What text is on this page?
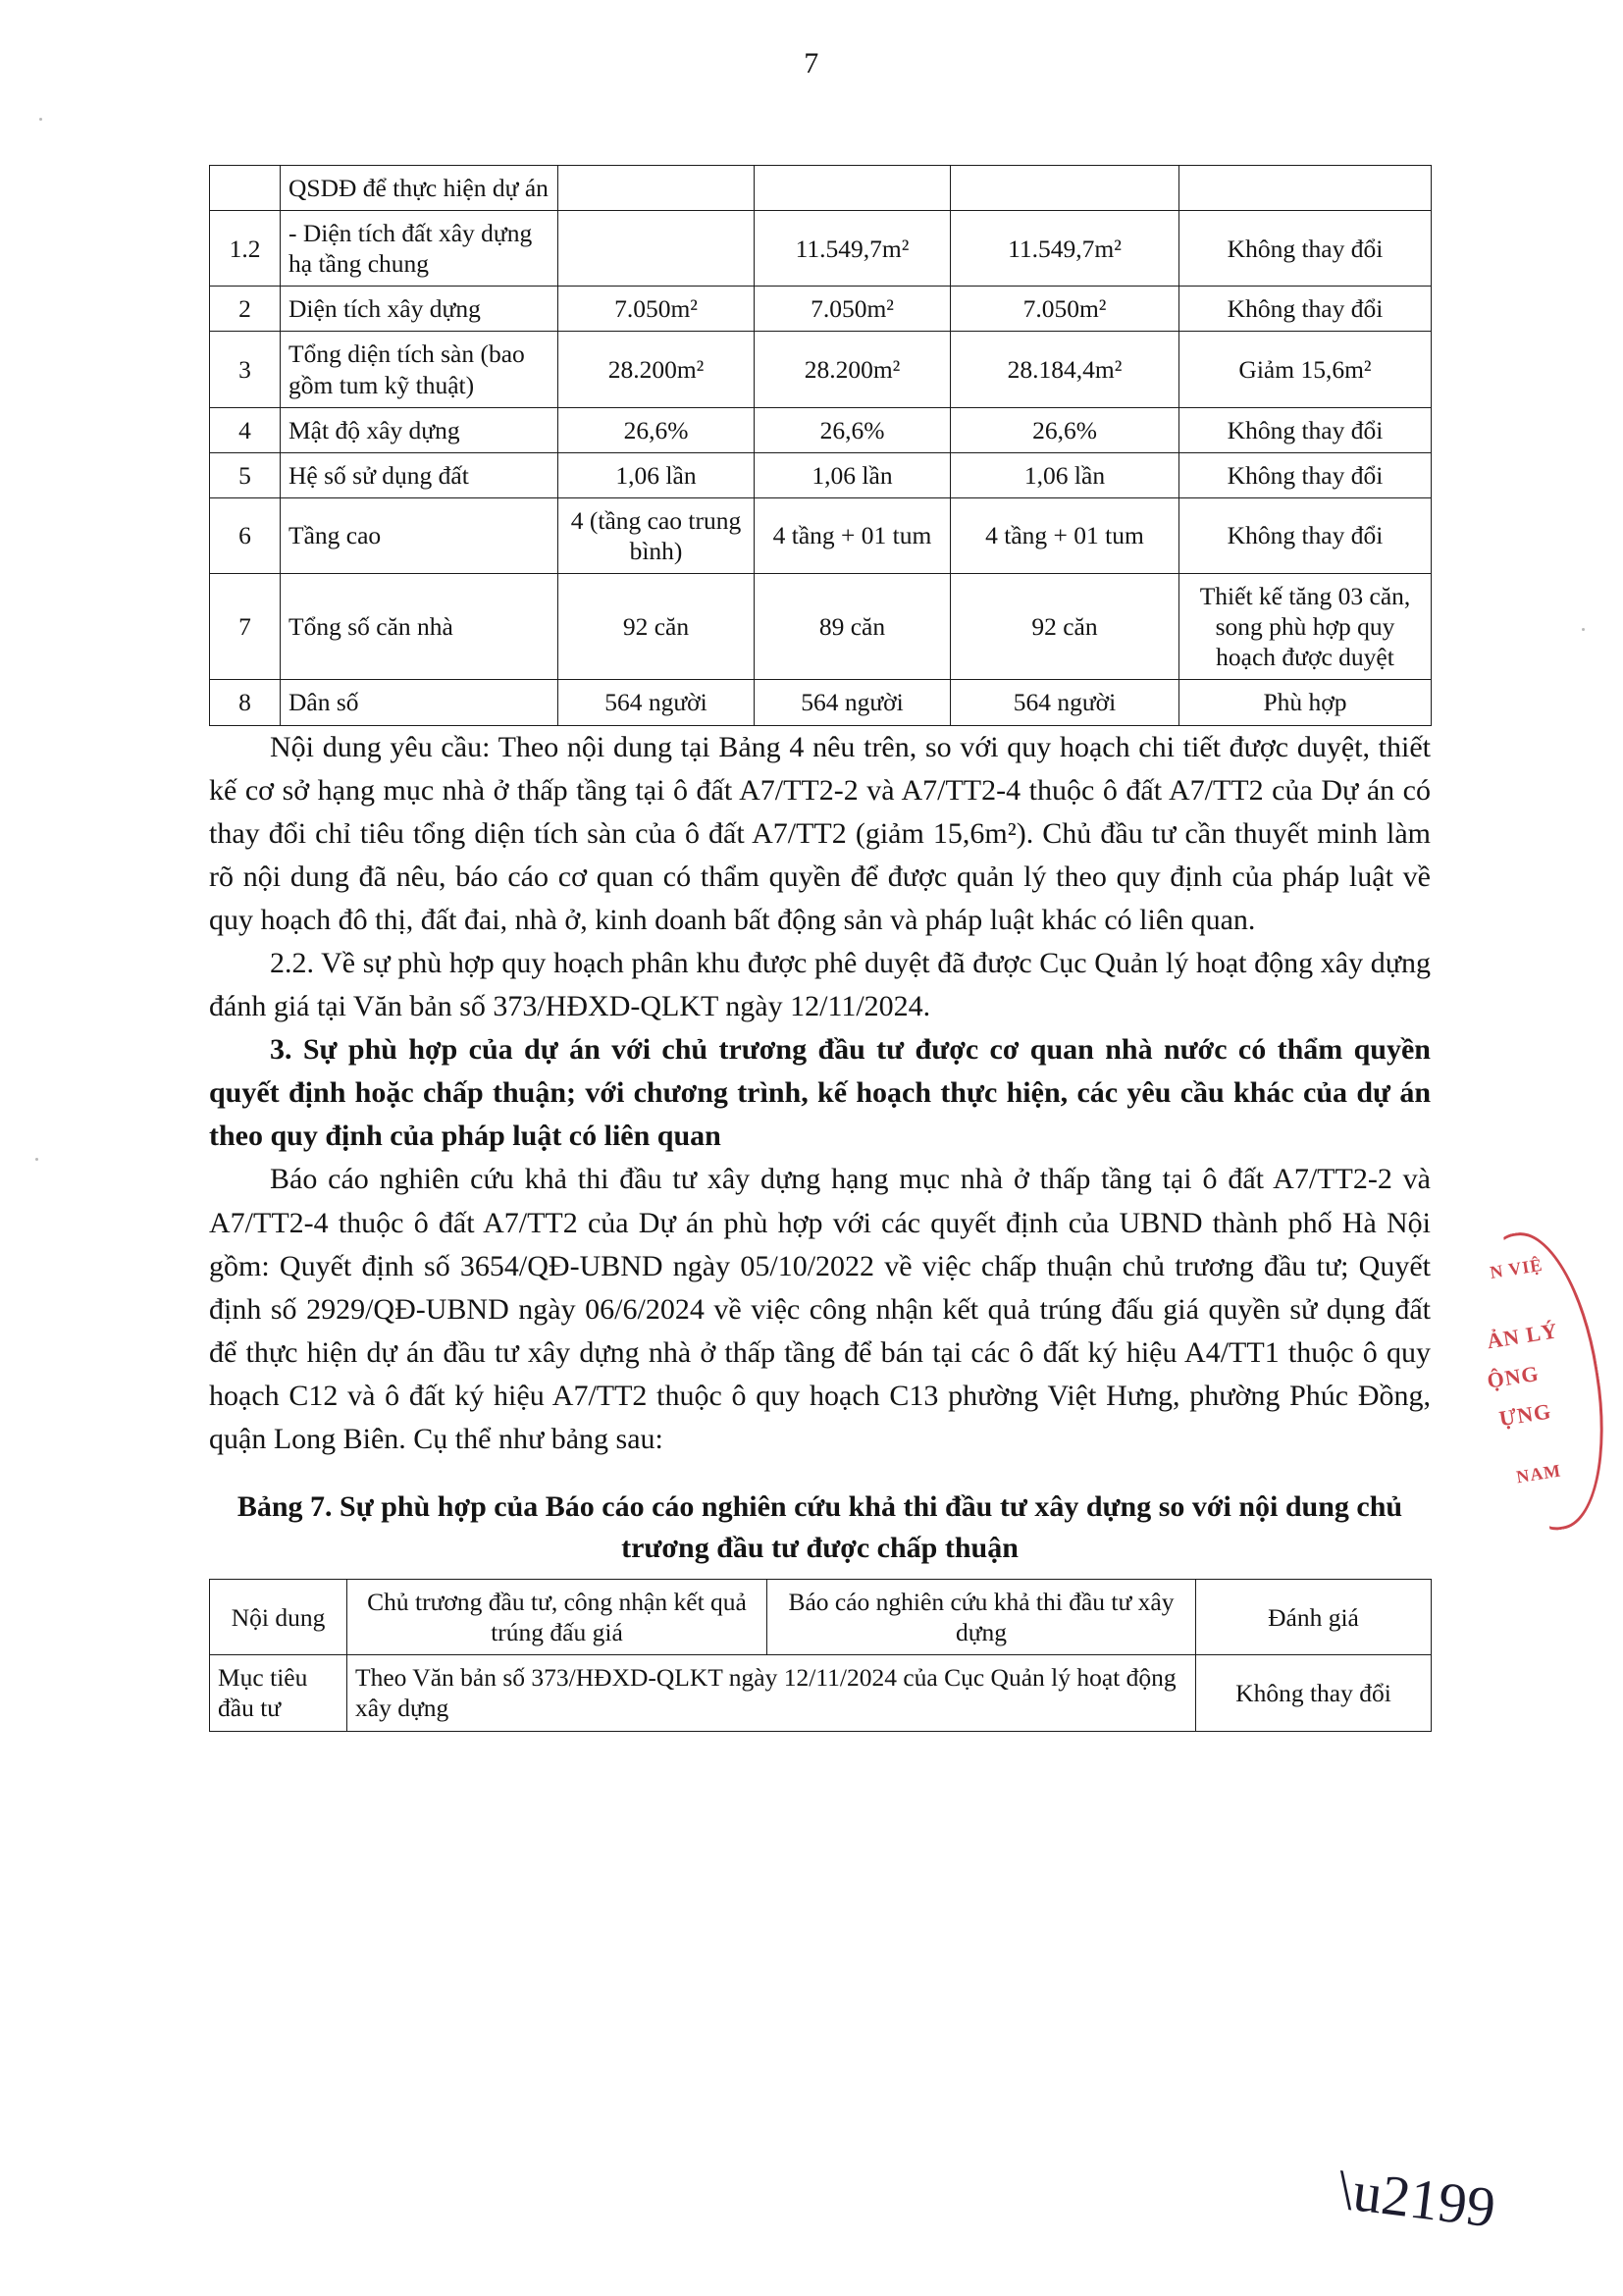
7
	QSDĐ để thực hiện dự án				
1.2	- Diện tích đất xây dựng hạ tầng chung		11.549,7m²	11.549,7m²	Không thay đổi
2	Diện tích xây dựng	7.050m²	7.050m²	7.050m²	Không thay đổi
3	Tổng diện tích sàn (bao gồm tum kỹ thuật)	28.200m²	28.200m²	28.184,4m²	Giảm 15,6m²
4	Mật độ xây dựng	26,6%	26,6%	26,6%	Không thay đổi
5	Hệ số sử dụng đất	1,06 lần	1,06 lần	1,06 lần	Không thay đổi
6	Tầng cao	4 (tầng cao trung bình)	4 tầng + 01 tum	4 tầng + 01 tum	Không thay đổi
7	Tổng số căn nhà	92 căn	89 căn	92 căn	Thiết kế tăng 03 căn, song phù hợp quy hoạch được duyệt
8	Dân số	564 người	564 người	564 người	Phù hợp

Nội dung yêu cầu: Theo nội dung tại Bảng 4 nêu trên, so với quy hoạch chi tiết được duyệt, thiết kế cơ sở hạng mục nhà ở thấp tầng tại ô đất A7/TT2-2 và A7/TT2-4 thuộc ô đất A7/TT2 của Dự án có thay đổi chỉ tiêu tổng diện tích sàn của ô đất A7/TT2 (giảm 15,6m²). Chủ đầu tư cần thuyết minh làm rõ nội dung đã nêu, báo cáo cơ quan có thẩm quyền để được quản lý theo quy định của pháp luật về quy hoạch đô thị, đất đai, nhà ở, kinh doanh bất động sản và pháp luật khác có liên quan.

2.2. Về sự phù hợp quy hoạch phân khu được phê duyệt đã được Cục Quản lý hoạt động xây dựng đánh giá tại Văn bản số 373/HĐXD-QLKT ngày 12/11/2024.

3. Sự phù hợp của dự án với chủ trương đầu tư được cơ quan nhà nước có thẩm quyền quyết định hoặc chấp thuận; với chương trình, kế hoạch thực hiện, các yêu cầu khác của dự án theo quy định của pháp luật có liên quan

Báo cáo nghiên cứu khả thi đầu tư xây dựng hạng mục nhà ở thấp tầng tại ô đất A7/TT2-2 và A7/TT2-4 thuộc ô đất A7/TT2 của Dự án phù hợp với các quyết định của UBND thành phố Hà Nội gồm: Quyết định số 3654/QĐ-UBND ngày 05/10/2022 về việc chấp thuận chủ trương đầu tư; Quyết định số 2929/QĐ-UBND ngày 06/6/2024 về việc công nhận kết quả trúng đấu giá quyền sử dụng đất để thực hiện dự án đầu tư xây dựng nhà ở thấp tầng để bán tại các ô đất ký hiệu A4/TT1 thuộc ô quy hoạch C12 và ô đất ký hiệu A7/TT2 thuộc ô quy hoạch C13 phường Việt Hưng, phường Phúc Đồng, quận Long Biên. Cụ thể như bảng sau:

Bảng 7. Sự phù hợp của Báo cáo cáo nghiên cứu khả thi đầu tư xây dựng so với nội dung chủ trương đầu tư được chấp thuận
Nội dung	Chủ trương đầu tư, công nhận kết quả trúng đấu giá	Báo cáo nghiên cứu khả thi đầu tư xây dựng	Đánh giá
Mục tiêu đầu tư	Theo Văn bản số 373/HĐXD-QLKT ngày 12/11/2024 của Cục Quản lý hoạt động xây dựng		Không thay đổi
N VIỆ
ẢN LÝ
ỘNG
ỰNG
NAM
\u2199
